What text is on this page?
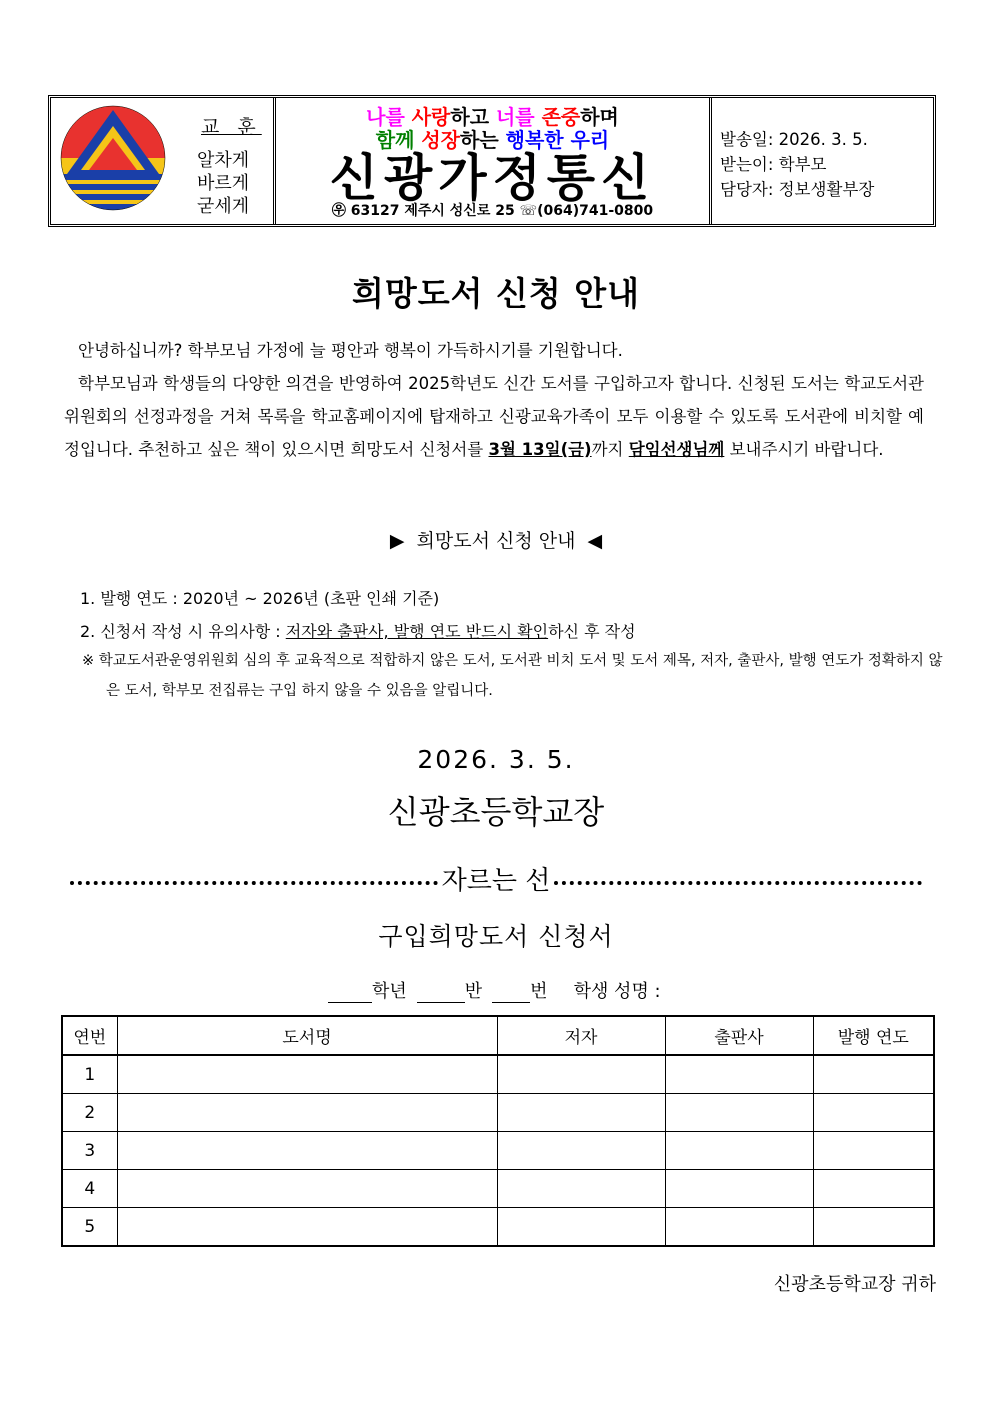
교 훈
알차게
바르게
굳세게
나를 사랑하고 너를 존중하며
함께 성장하는 행복한 우리
신광가정통신
㉾ 63127 제주시 성신로 25 ☏(064)741-0800
발송일: 2026. 3. 5.
받는이: 학부모
담당자: 정보생활부장
희망도서 신청 안내
안녕하십니까? 학부모님 가정에 늘 평안과 행복이 가득하시기를 기원합니다.
학부모님과 학생들의 다양한 의견을 반영하여 2025학년도 신간 도서를 구입하고자 합니다. 신청된 도서는 학교도서관위원회의 선정과정을 거쳐 목록을 학교홈페이지에 탑재하고 신광교육가족이 모두 이용할 수 있도록 도서관에 비치할 예정입니다. 추천하고 싶은 책이 있으시면 희망도서 신청서를 3월 13일(금)까지 담임선생님께 보내주시기 바랍니다.
▶  희망도서 신청 안내  ◀
1. 발행 연도 : 2020년 ~ 2026년 (초판 인쇄 기준)
2. 신청서 작성 시 유의사항 : 저자와 출판사, 발행 연도 반드시 확인하신 후 작성
※ 학교도서관운영위원회 심의 후 교육적으로 적합하지 않은 도서, 도서관 비치 도서 및 도서 제목, 저자, 출판사, 발행 연도가 정확하지 않은 도서, 학부모 전집류는 구입 하지 않을 수 있음을 알립니다.
2026. 3. 5.
신광초등학교장
자르는 선
구입희망도서 신청서
학년	반	번 학생 성명 :
연번	도서명	저자	출판사	발행 연도
1				
2				
3				
4				
5				
신광초등학교장 귀하
